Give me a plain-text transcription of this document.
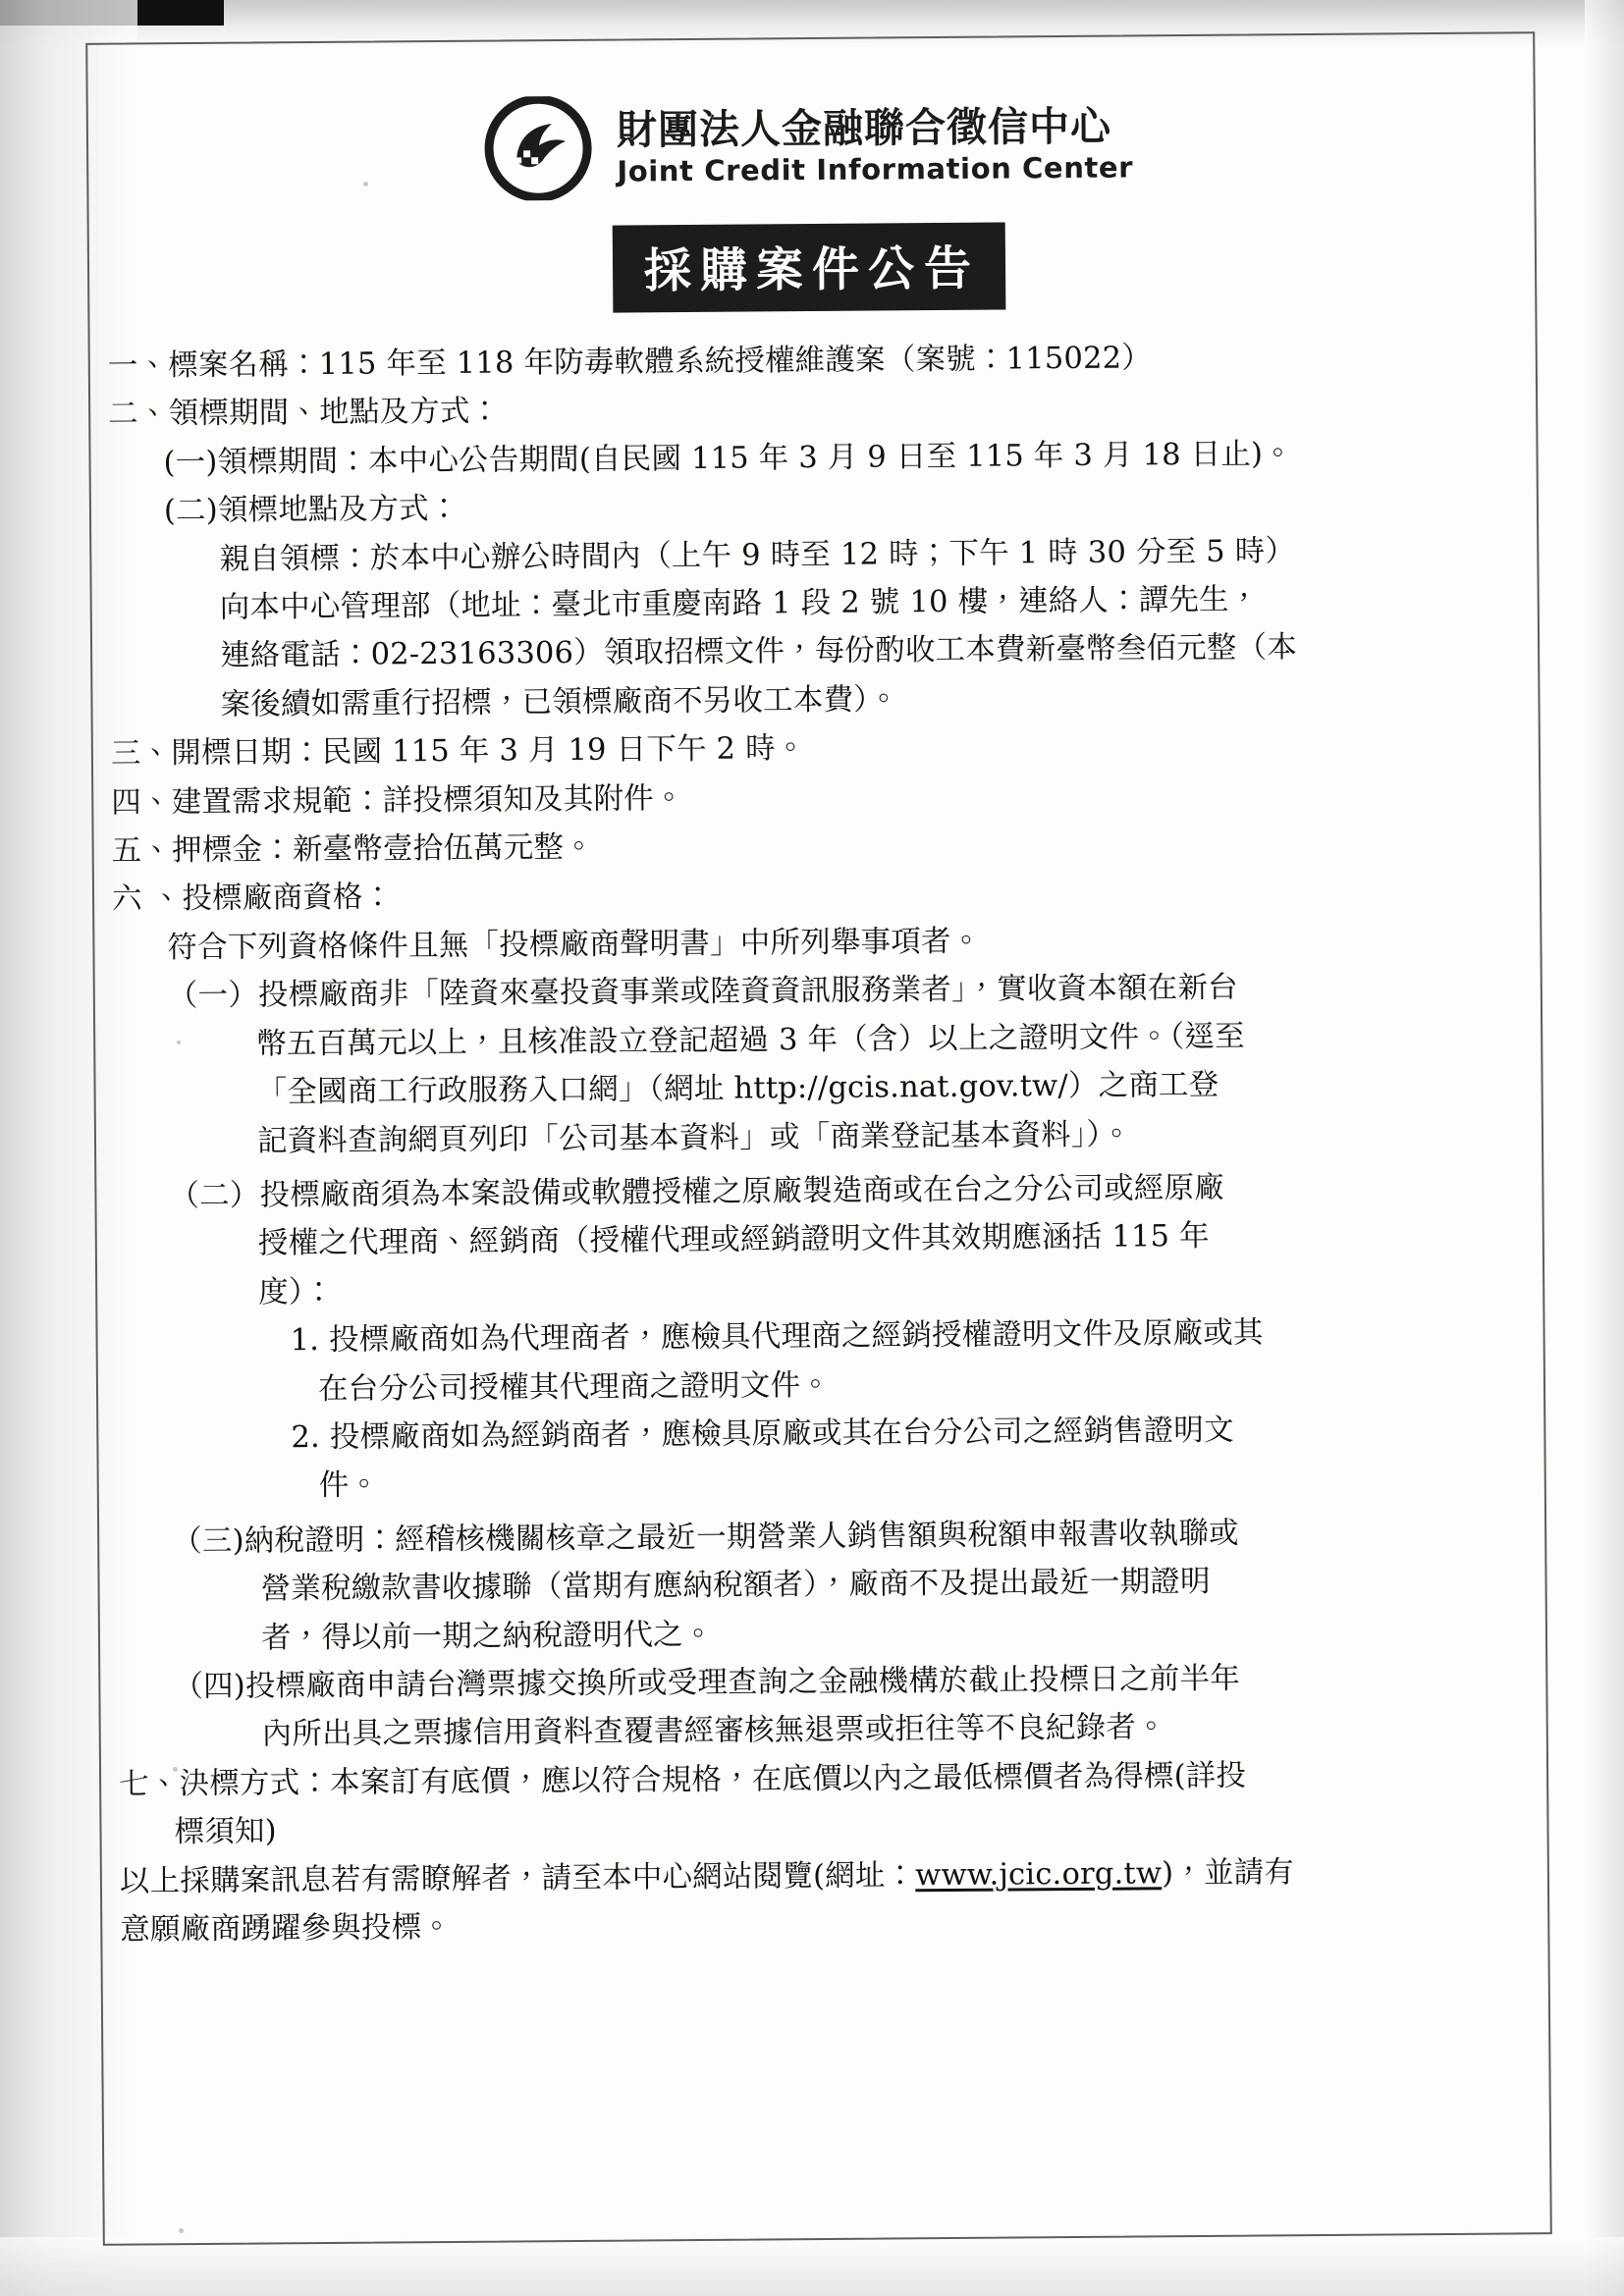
財團法人金融聯合徵信中心
Joint Credit Information Center
採購案件公告
一、標案名稱：115 年至 118 年防毒軟體系統授權維護案（案號：115022）
二、領標期間、地點及方式：
(一)領標期間：本中心公告期間(自民國 115 年 3 月 9 日至 115 年 3 月 18 日止)。
(二)領標地點及方式：
親自領標：於本中心辦公時間內（上午 9 時至 12 時；下午 1 時 30 分至 5 時）
向本中心管理部（地址：臺北市重慶南路 1 段 2 號 10 樓，連絡人：譚先生，
連絡電話：02-23163306）領取招標文件，每份酌收工本費新臺幣叁佰元整（本
案後續如需重行招標，已領標廠商不另收工本費）。
三、開標日期：民國 115 年 3 月 19 日下午 2 時。
四、建置需求規範：詳投標須知及其附件。
五、押標金：新臺幣壹拾伍萬元整。
六 、投標廠商資格：
符合下列資格條件且無「投標廠商聲明書」中所列舉事項者。
（一）投標廠商非「陸資來臺投資事業或陸資資訊服務業者」，實收資本額在新台
幣五百萬元以上，且核准設立登記超過 3 年（含）以上之證明文件。（逕至
「全國商工行政服務入口網」（網址 http://gcis.nat.gov.tw/）之商工登
記資料查詢網頁列印「公司基本資料」或「商業登記基本資料」）。
（二）投標廠商須為本案設備或軟體授權之原廠製造商或在台之分公司或經原廠
授權之代理商、經銷商（授權代理或經銷證明文件其效期應涵括 115 年
度）：
1. 投標廠商如為代理商者，應檢具代理商之經銷授權證明文件及原廠或其
在台分公司授權其代理商之證明文件。
2. 投標廠商如為經銷商者，應檢具原廠或其在台分公司之經銷售證明文
件。
（三)納稅證明：經稽核機關核章之最近一期營業人銷售額與稅額申報書收執聯或
營業稅繳款書收據聯（當期有應納稅額者），廠商不及提出最近一期證明
者，得以前一期之納稅證明代之。
（四)投標廠商申請台灣票據交換所或受理查詢之金融機構於截止投標日之前半年
內所出具之票據信用資料查覆書經審核無退票或拒往等不良紀錄者。
七、決標方式：本案訂有底價，應以符合規格，在底價以內之最低標價者為得標(詳投
標須知)
以上採購案訊息若有需瞭解者，請至本中心網站閱覽(網址：www.jcic.org.tw)，並請有
意願廠商踴躍參與投標。
